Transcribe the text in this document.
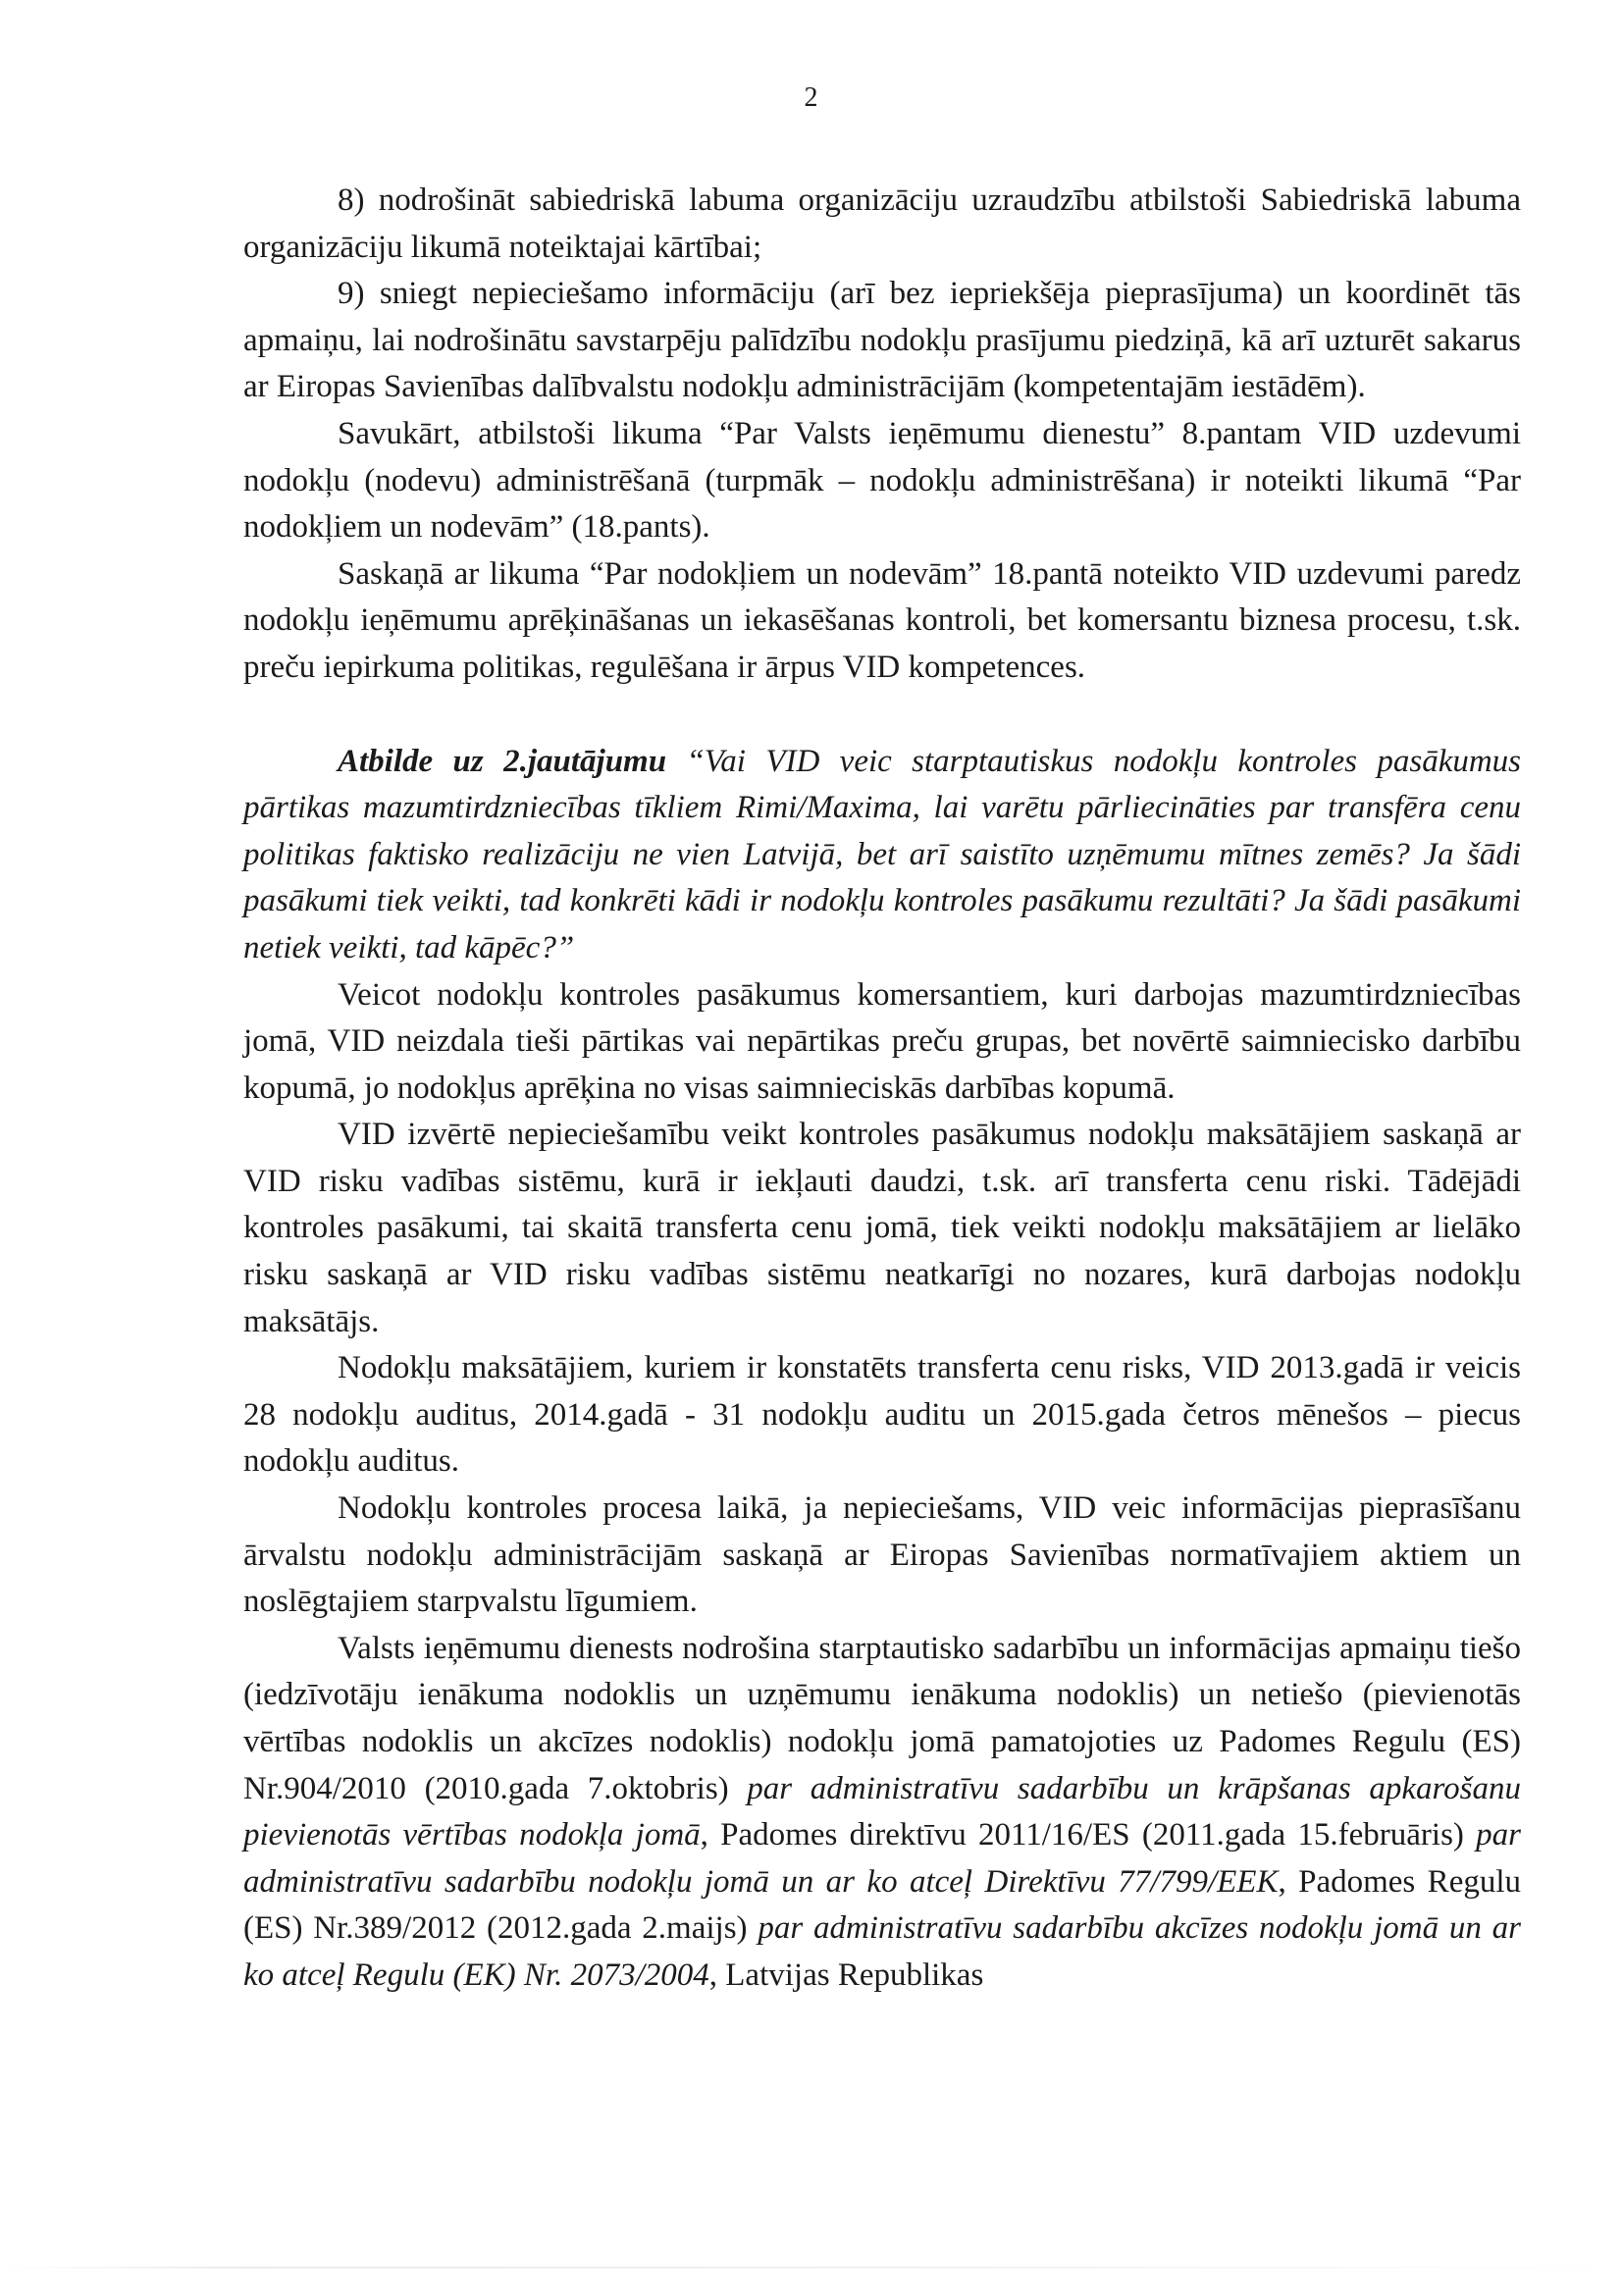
2

8) nodrošināt sabiedriskā labuma organizāciju uzraudzību atbilstoši Sabiedriskā labuma organizāciju likumā noteiktajai kārtībai;

9) sniegt nepieciešamo informāciju (arī bez iepriekšēja pieprasījuma) un koordinēt tās apmaiņu, lai nodrošinātu savstarpēju palīdzību nodokļu prasījumu piedziņā, kā arī uzturēt sakarus ar Eiropas Savienības dalībvalstu nodokļu administrācijām (kompetentajām iestādēm).

Savukārt, atbilstoši likuma “Par Valsts ieņēmumu dienestu” 8.pantam VID uzdevumi nodokļu (nodevu) administrēšanā (turpmāk – nodokļu administrēšana) ir noteikti likumā “Par nodokļiem un nodevām” (18.pants).

Saskaņā ar likuma “Par nodokļiem un nodevām” 18.pantā noteikto VID uzdevumi paredz nodokļu ieņēmumu aprēķināšanas un iekasēšanas kontroli, bet komersantu biznesa procesu, t.sk. preču iepirkuma politikas, regulēšana ir ārpus VID kompetences.

Atbilde uz 2.jautājumu “Vai VID veic starptautiskus nodokļu kontroles pasākumus pārtikas mazumtirdzniecības tīkliem Rimi/Maxima, lai varētu pārliecināties par transfēra cenu politikas faktisko realizāciju ne vien Latvijā, bet arī saistīto uzņēmumu mītnes zemēs? Ja šādi pasākumi tiek veikti, tad konkrēti kādi ir nodokļu kontroles pasākumu rezultāti? Ja šādi pasākumi netiek veikti, tad kāpēc?”

Veicot nodokļu kontroles pasākumus komersantiem, kuri darbojas mazumtirdzniecības jomā, VID neizdala tieši pārtikas vai nepārtikas preču grupas, bet novērtē saimniecisko darbību kopumā, jo nodokļus aprēķina no visas saimnieciskās darbības kopumā.

VID izvērtē nepieciešamību veikt kontroles pasākumus nodokļu maksātājiem saskaņā ar VID risku vadības sistēmu, kurā ir iekļauti daudzi, t.sk. arī transferta cenu riski. Tādējādi kontroles pasākumi, tai skaitā transferta cenu jomā, tiek veikti nodokļu maksātājiem ar lielāko risku saskaņā ar VID risku vadības sistēmu neatkarīgi no nozares, kurā darbojas nodokļu maksātājs.

Nodokļu maksātājiem, kuriem ir konstatēts transferta cenu risks, VID 2013.gadā ir veicis 28 nodokļu auditus, 2014.gadā - 31 nodokļu auditu un 2015.gada četros mēnešos – piecus nodokļu auditus.

Nodokļu kontroles procesa laikā, ja nepieciešams, VID veic informācijas pieprasīšanu ārvalstu nodokļu administrācijām saskaņā ar Eiropas Savienības normatīvajiem aktiem un noslēgtajiem starpvalstu līgumiem.

Valsts ieņēmumu dienests nodrošina starptautisko sadarbību un informācijas apmaiņu tiešo (iedzīvotāju ienākuma nodoklis un uzņēmumu ienākuma nodoklis) un netiešo (pievienotās vērtības nodoklis un akcīzes nodoklis) nodokļu jomā pamatojoties uz Padomes Regulu (ES) Nr.904/2010 (2010.gada 7.oktobris) par administratīvu sadarbību un krāpšanas apkarošanu pievienotās vērtības nodokļa jomā, Padomes direktīvu 2011/16/ES (2011.gada 15.februāris) par administratīvu sadarbību nodokļu jomā un ar ko atceļ Direktīvu 77/799/EEK, Padomes Regulu (ES) Nr.389/2012 (2012.gada 2.maijs) par administratīvu sadarbību akcīzes nodokļu jomā un ar ko atceļ Regulu (EK) Nr. 2073/2004, Latvijas Republikas
